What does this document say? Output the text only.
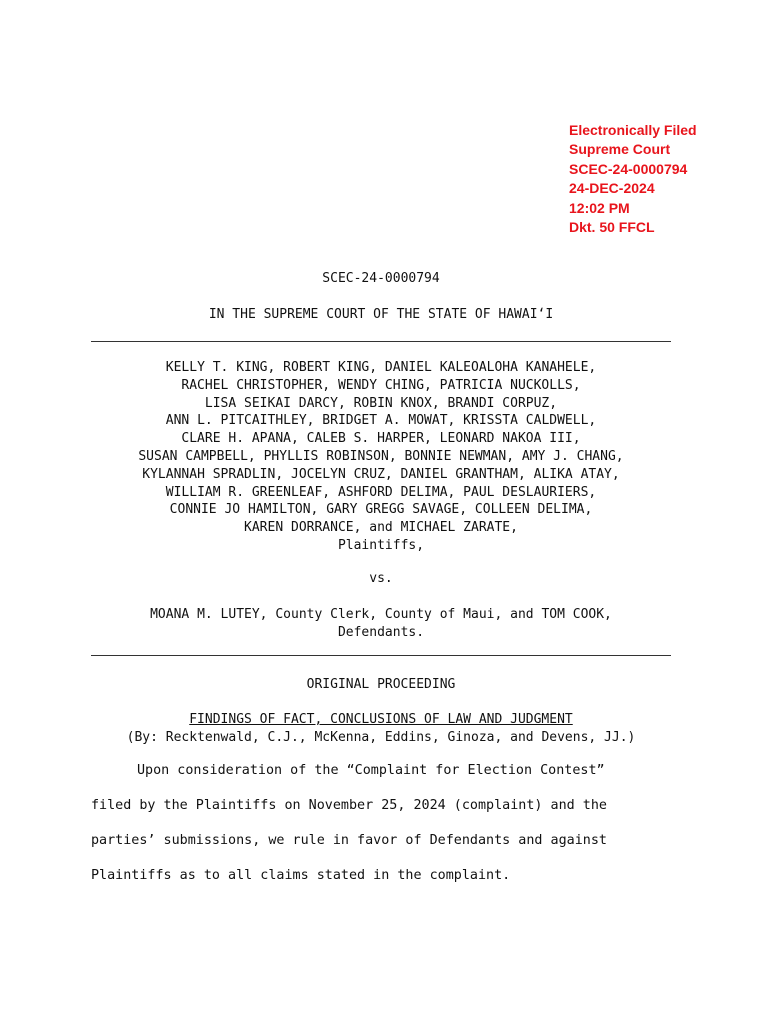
Electronically Filed
Supreme Court
SCEC-24-0000794
24-DEC-2024
12:02 PM
Dkt. 50 FFCL
SCEC-24-0000794
IN THE SUPREME COURT OF THE STATE OF HAWAIʻI
KELLY T. KING, ROBERT KING, DANIEL KALEOALOHA KANAHELE,
RACHEL CHRISTOPHER, WENDY CHING, PATRICIA NUCKOLLS,
LISA SEIKAI DARCY, ROBIN KNOX, BRANDI CORPUZ,
ANN L. PITCAITHLEY, BRIDGET A. MOWAT, KRISSTA CALDWELL,
CLARE H. APANA, CALEB S. HARPER, LEONARD NAKOA III,
SUSAN CAMPBELL, PHYLLIS ROBINSON, BONNIE NEWMAN, AMY J. CHANG,
KYLANNAH SPRADLIN, JOCELYN CRUZ, DANIEL GRANTHAM, ALIKA ATAY,
WILLIAM R. GREENLEAF, ASHFORD DELIMA, PAUL DESLAURIERS,
CONNIE JO HAMILTON, GARY GREGG SAVAGE, COLLEEN DELIMA,
KAREN DORRANCE, and MICHAEL ZARATE,
Plaintiffs,
vs.
MOANA M. LUTEY, County Clerk, County of Maui, and TOM COOK,
Defendants.
ORIGINAL PROCEEDING
FINDINGS OF FACT, CONCLUSIONS OF LAW AND JUDGMENT
(By: Recktenwald, C.J., McKenna, Eddins, Ginoza, and Devens, JJ.)
Upon consideration of the “Complaint for Election Contest”
filed by the Plaintiffs on November 25, 2024 (complaint) and the
parties’ submissions, we rule in favor of Defendants and against
Plaintiffs as to all claims stated in the complaint.
